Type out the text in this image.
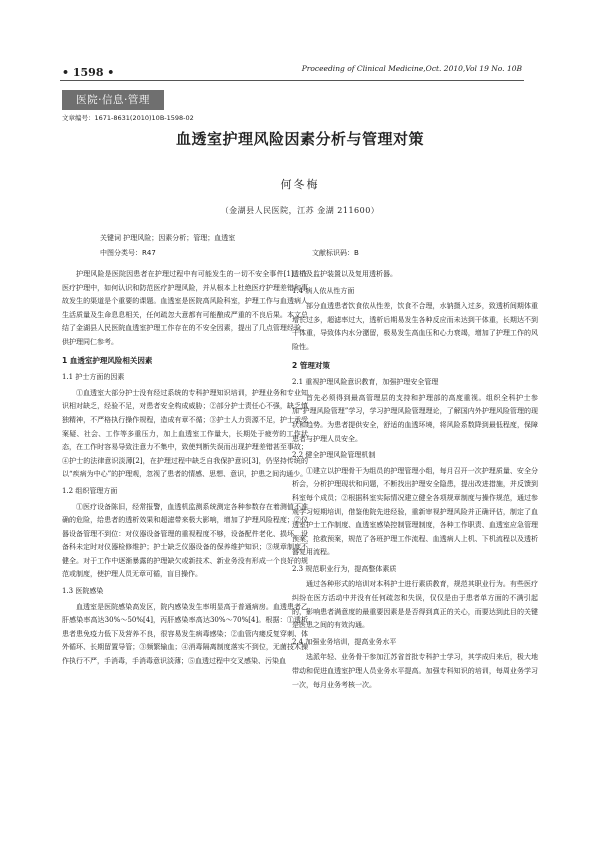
• 1598 •	Proceeding of Clinical Medicine,Oct. 2010,Vol 19 No. 10B
医院·信息·管理
文章编号：1671-8631(2010)10B-1598-02
血透室护理风险因素分析与管理对策
何冬梅
（金湖县人民医院，江苏 金湖 211600）
关键词 护理风险；因素分析；管理；血透室
中图分类号：R47	文献标识码：B

护理风险是医院因患者在护理过程中有可能发生的一切不安全事件[1]。在医疗护理中，如何认识和防范医疗护理风险，并从根本上杜绝医疗护理差错和事故发生的渠道是个重要的课题。血透室是医院高风险科室，护理工作与血透病人生活质量及生命息息相关，任何疏忽大意都有可能酿成严重的不良后果。本文总结了金湖县人民医院血透室护理工作存在的不安全因素，提出了几点管理经验，供护理同仁参考。

1 血透室护理风险相关因素
1.1 护士方面的因素

①血透室大部分护士没有经过系统的专科护理知识培训，护理业务和专业知识相对缺乏，经验不足，对患者安全构成威胁；②部分护士责任心不强，缺乏慎独精神，不严格执行操作规程，造成有章不循；③护士人力资源不足，护士承受案疑、社会、工作等多重压力，加上血透室工作量大，长期处于疲劳的工作状态，在工作时容易导致注意力不集中，致使判断失误而出现护理差错甚至事故；④护士的法律意识淡薄[2]，在护理过程中缺乏自我保护意识[3]，仍坚持传统的以“疾病为中心”的护理观，忽视了患者的情感、思想、意识，护患之间沟通少。

1.2 组织管理方面

①医疗设备陈旧，经常报警，血透机监测系统测定各种参数存在着测值不准确的危险，给患者的透析效果和超滤带来极大影响，增加了护理风险程度；②仪器设备管理不到位：对仪器设备管理的重视程度不够，设备配件老化、损坏，设备科未定时对仪器检修维护；护士缺乏仪器设备的保养维护知识；③规章制度不健全。对于工作中逐渐暴露的护理缺欠或新技术、新业务没有形成一个良好的规范或制度，使护理人员无章可循，盲目操作。

1.3 医院感染

血透室是医院感染高发区，院内感染发生率明显高于普通病房。血透患者乙肝感染率高达30%～50%[4]，丙肝感染率高达30%～70%[4]。根据：①透析患者患免疫力低下及营养不良，很容易发生病毒感染；②血管内瘘反复穿刺、体外循环、长期留置导管；③频繁输血；④消毒隔离制度落实不到位，无菌技术操作执行不严，手消毒，手消毒意识淡薄；⑤血透过程中交叉感染、污染血

透机及监护装置以及复用透析器。

1.4 病人依从性方面

部分血透患者饮食依从性差，饮食不合理，水钠摄入过多，致透析间期体重增长过多，超滤率过大，透析后期易发生各种反应而未达到干体重，长期达不到干体重，导致体内水分潴留，极易发生高血压和心力衰竭，增加了护理工作的风险性。

2 管理对策
2.1 重视护理风险意识教育，加强护理安全管理

首先必须得到最高管理层的支持和护理部的高度重视。组织全科护士参加“护理风险管理”学习，学习护理风险管理理论，了解国内外护理风险管理的现状和趋势。为患者提供安全，舒适的血透环境，将风险系数降到最低程度，保障患者与护理人员安全。

2.2 健全护理风险管理机制

①建立以护理骨干为组员的护理管理小组，每月召开一次护理质量、安全分析会，分析护理现状和问题，不断找出护理安全隐患，提出改进措施，并反馈到科室每个成员；②根据科室实际情况建立健全各项规章制度与操作规范，通过参观学习短期培训，借鉴他院先进经验，重新审视护理风险并正确评估，制定了血透室护士工作制度、血透室感染控制管理制度，各种工作职责、血透室应急管理预案，抢救预案，规范了各班护理工作流程、血透病人上机、下机流程以及透析器复用流程。

2.3 规范职业行为，提高整体素质

通过各种形式的培训对本科护士进行素质教育，规范其职业行为。有些医疗纠纷在医方活动中并没有任何疏忽和失误，仅仅是由于患者单方面的不满引起的，影响患者满意度的最重要因素是是否得到真正的关心，而要达到此目的关键是医患之间的有效沟通。

2.4 加强业务培训，提高业务水平

选派年轻、业务骨干参加江苏省首批专科护士学习，其学成归来后，极大地带动和促进血透室护理人员业务水平提高。加强专科知识的培训，每周业务学习一次，每月业务考核一次。
